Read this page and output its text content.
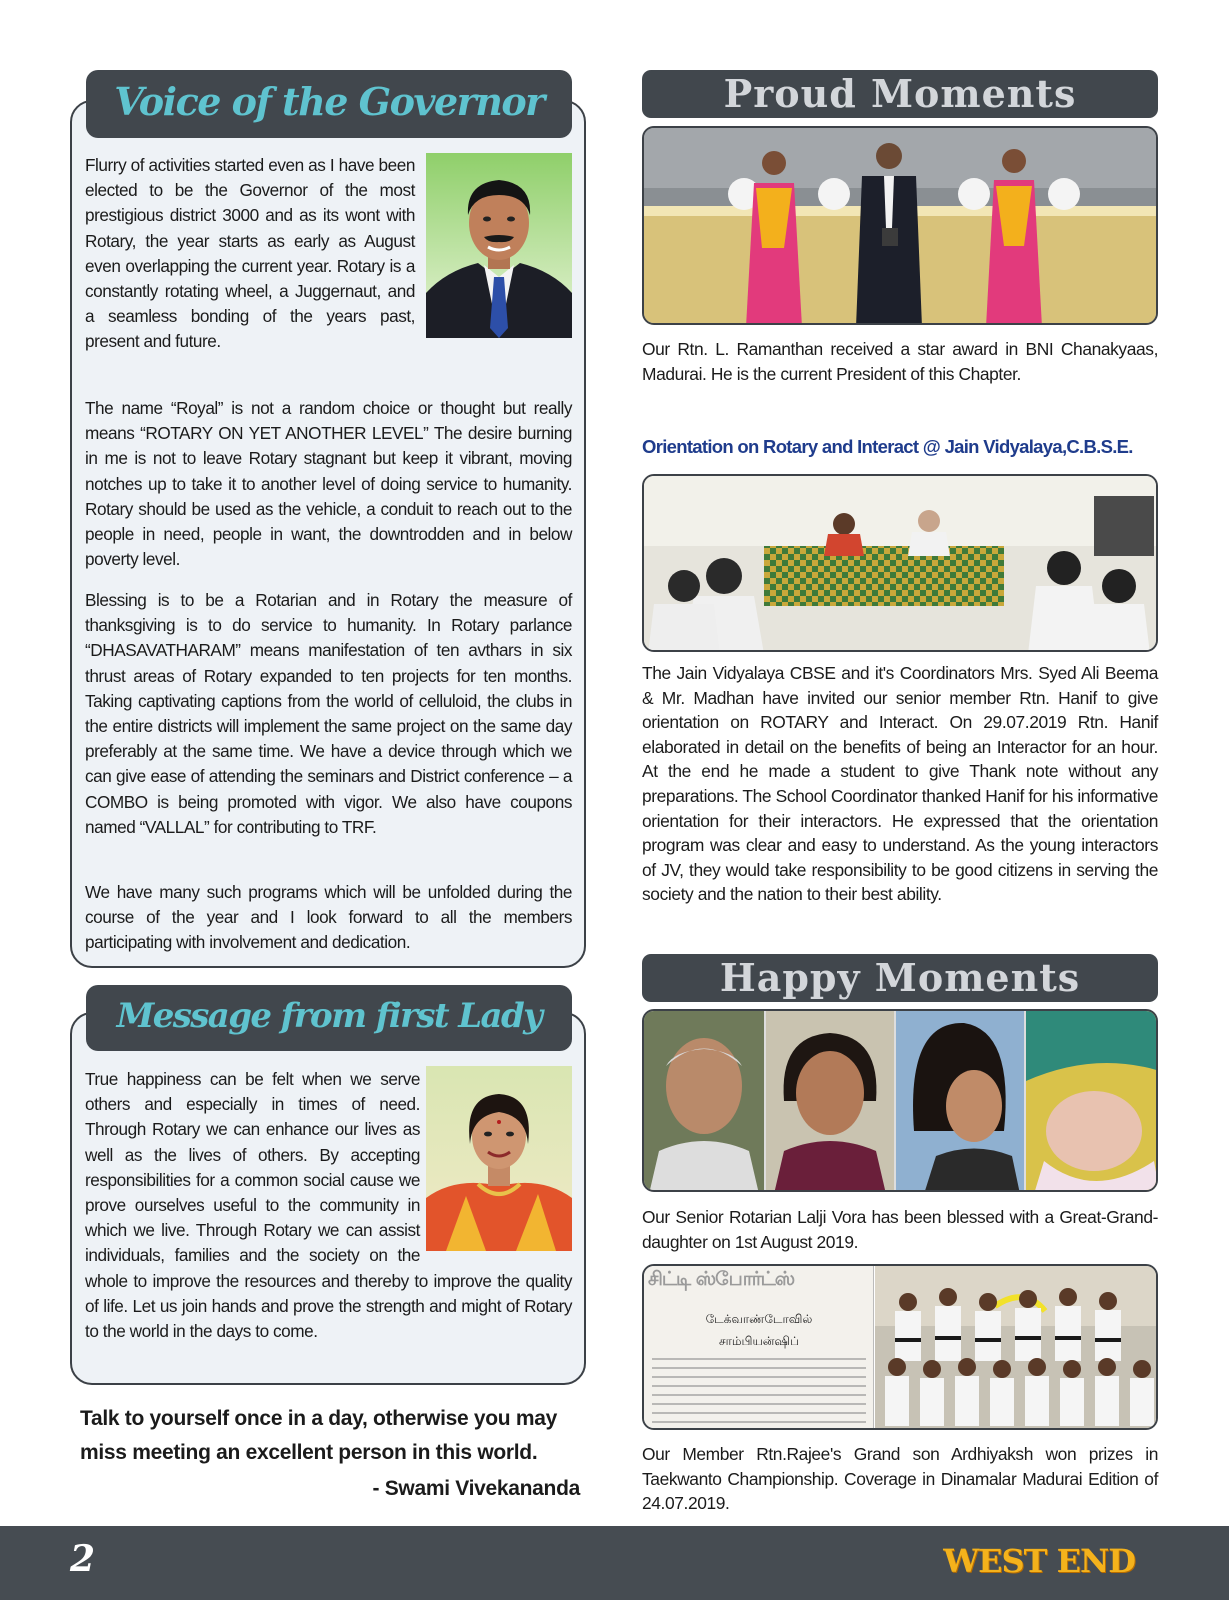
Voice of the Governor
Flurry of activities started even as I have been elected to be the Governor of the most prestigious district 3000 and as its wont with Rotary, the year starts as early as August even overlapping the current year. Rotary is a constantly rotating wheel, a Juggernaut, and a seamless bonding of the years past, present and future.
The name “Royal” is not a random choice or thought but really means “ROTARY ON YET ANOTHER LEVEL” The desire burning in me is not to leave Rotary stagnant but keep it vibrant, moving notches up to take it to another level of doing service to humanity. Rotary should be used as the vehicle, a conduit to reach out to the people in need, people in want, the downtrodden and in below poverty level.
Blessing is to be a Rotarian and in Rotary the measure of thanksgiving is to do service to humanity. In Rotary parlance “DHASAVATHARAM” means manifestation of ten avthars in six thrust areas of Rotary expanded to ten projects for ten months. Taking captivating captions from the world of celluloid, the clubs in the entire districts will implement the same project on the same day preferably at the same time. We have a device through which we can give ease of attending the seminars and District conference – a COMBO is being promoted with vigor. We also have coupons named “VALLAL” for contributing to TRF.
We have many such programs which will be unfolded during the course of the year and I look forward to all the members participating with involvement and dedication.
Message from first Lady
True happiness can be felt when we serve others and especially in times of need. Through Rotary we can enhance our lives as well as the lives of others. By accepting responsibilities for a common social cause we prove ourselves useful to the community in which we live. Through Rotary we can assist individuals, families and the society on the whole to improve the resources and thereby to improve the quality of life. Let us join hands and prove the strength and might of Rotary to the world in the days to come.
Talk to yourself once in a day, otherwise you may
miss meeting an excellent person in this world.
- Swami Vivekananda
Proud Moments
Our Rtn. L. Ramanthan received a star award in BNI Chanakyaas, Madurai. He is the current President of this Chapter.
Orientation on Rotary and Interact @ Jain Vidyalaya,C.B.S.E.
The Jain Vidyalaya CBSE and it's Coordinators Mrs. Syed Ali Beema & Mr. Madhan have invited our senior member Rtn. Hanif to give orientation on ROTARY and Interact. On 29.07.2019 Rtn. Hanif elaborated in detail on the benefits of being an Interactor for an hour. At the end he made a student to give Thank note without any preparations. The School Coordinator thanked Hanif for his informative orientation for their interactors. He expressed that the orientation program was clear and easy to understand. As the young interactors of JV, they would take responsibility to be good citizens in serving the society and the nation to their best ability.
Happy Moments
Our Senior Rotarian Lalji Vora has been blessed with a Great-Grand-daughter on 1st August 2019.
சிட்டி ஸ்போர்ட்ஸ்
டேக்வாண்டோவில்
சாம்பியன்ஷிப்
Our Member Rtn.Rajee's Grand son Ardhiyaksh won prizes in Taekwanto Championship. Coverage in Dinamalar Madurai Edition of 24.07.2019.
2	WEST END
